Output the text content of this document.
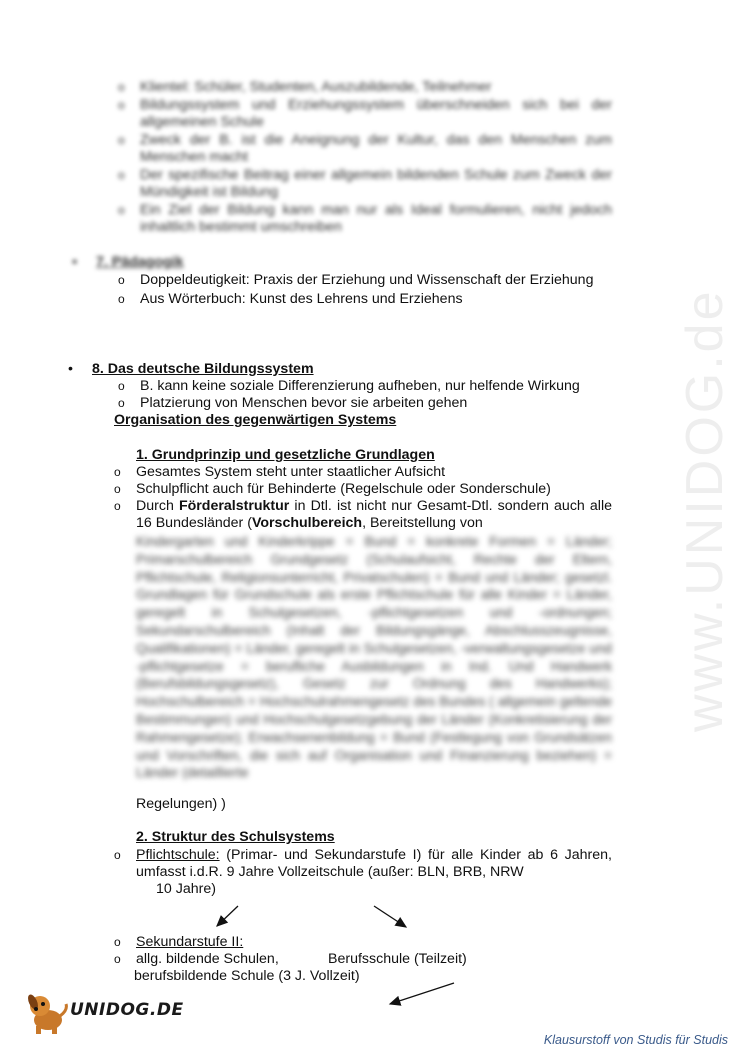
www.UNIDOG.de
o Klientel: Schüler, Studenten, Auszubildende, Teilnehmer
o Bildungssystem und Erziehungssystem überschneiden sich bei der allgemeinen Schule
o Zweck der B. ist die Aneignung der Kultur, das den Menschen zum Menschen macht
o Der spezifische Beitrag einer allgemein bildenden Schule zum Zweck der Mündigkeit ist Bildung
o Ein Ziel der Bildung kann man nur als Ideal formulieren, nicht jedoch inhaltlich bestimmt umschreiben
▪ 7. Pädagogik
o Doppeldeutigkeit: Praxis der Erziehung und Wissenschaft der Erziehung
o Aus Wörterbuch: Kunst des Lehrens und Erziehens
• 8. Das deutsche Bildungssystem
o B. kann keine soziale Differenzierung aufheben, nur helfende Wirkung
o Platzierung von Menschen bevor sie arbeiten gehen
Organisation des gegenwärtigen Systems
1. Grundprinzip und gesetzliche Grundlagen
o Gesamtes System steht unter staatlicher Aufsicht
o Schulpflicht auch für Behinderte (Regelschule oder Sonderschule)
o Durch Förderalstruktur in Dtl. ist nicht nur Gesamt-Dtl. sondern auch alle 16 Bundesländer (Vorschulbereich, Bereitstellung von
Kindergarten und Kinderkrippe = Bund = konkrete Formen = Länder; Primarschulbereich Grundgesetz (Schulaufsicht, Rechte der Eltern, Pflichtschule, Religionsunterricht, Privatschulen) = Bund und Länder; gesetzl. Grundlagen für Grundschule als erste Pflichtschule für alle Kinder = Länder, geregelt in Schulgesetzen, -pflichtgesetzen und -ordnungen; Sekundarschulbereich (Inhalt der Bildungsgänge, Abschlusszeugnisse, Qualifikationen) = Länder, geregelt in Schulgesetzen, -verwaltungsgesetze und -pflichtgesetze = berufliche Ausbildungen in Ind. Und Handwerk (Berufsbildungsgesetz), Gesetz zur Ordnung des Handwerks); Hochschulbereich = Hochschulrahmengesetz des Bundes ( allgemein geltende Bestimmungen) und Hochschulgesetzgebung der Länder (Konkretisierung der Rahmengesetze); Erwachsenenbildung = Bund (Festlegung von Grundsätzen und Vorschriften, die sich auf Organisation und Finanzierung beziehen) = Länder (detaillierte
Regelungen) )
2. Struktur des Schulsystems
o Pflichtschule: (Primar- und Sekundarstufe I) für alle Kinder ab 6 Jahren, umfasst i.d.R. 9 Jahre Vollzeitschule (außer: BLN, BRB, NRW
10 Jahre)
o Sekundarstufe II:
o allg. bildende Schulen,	Berufsschule (Teilzeit)
berufsbildende Schule (3 J. Vollzeit)
UNIDOG.DE
Klausurstoff von Studis für Studis
